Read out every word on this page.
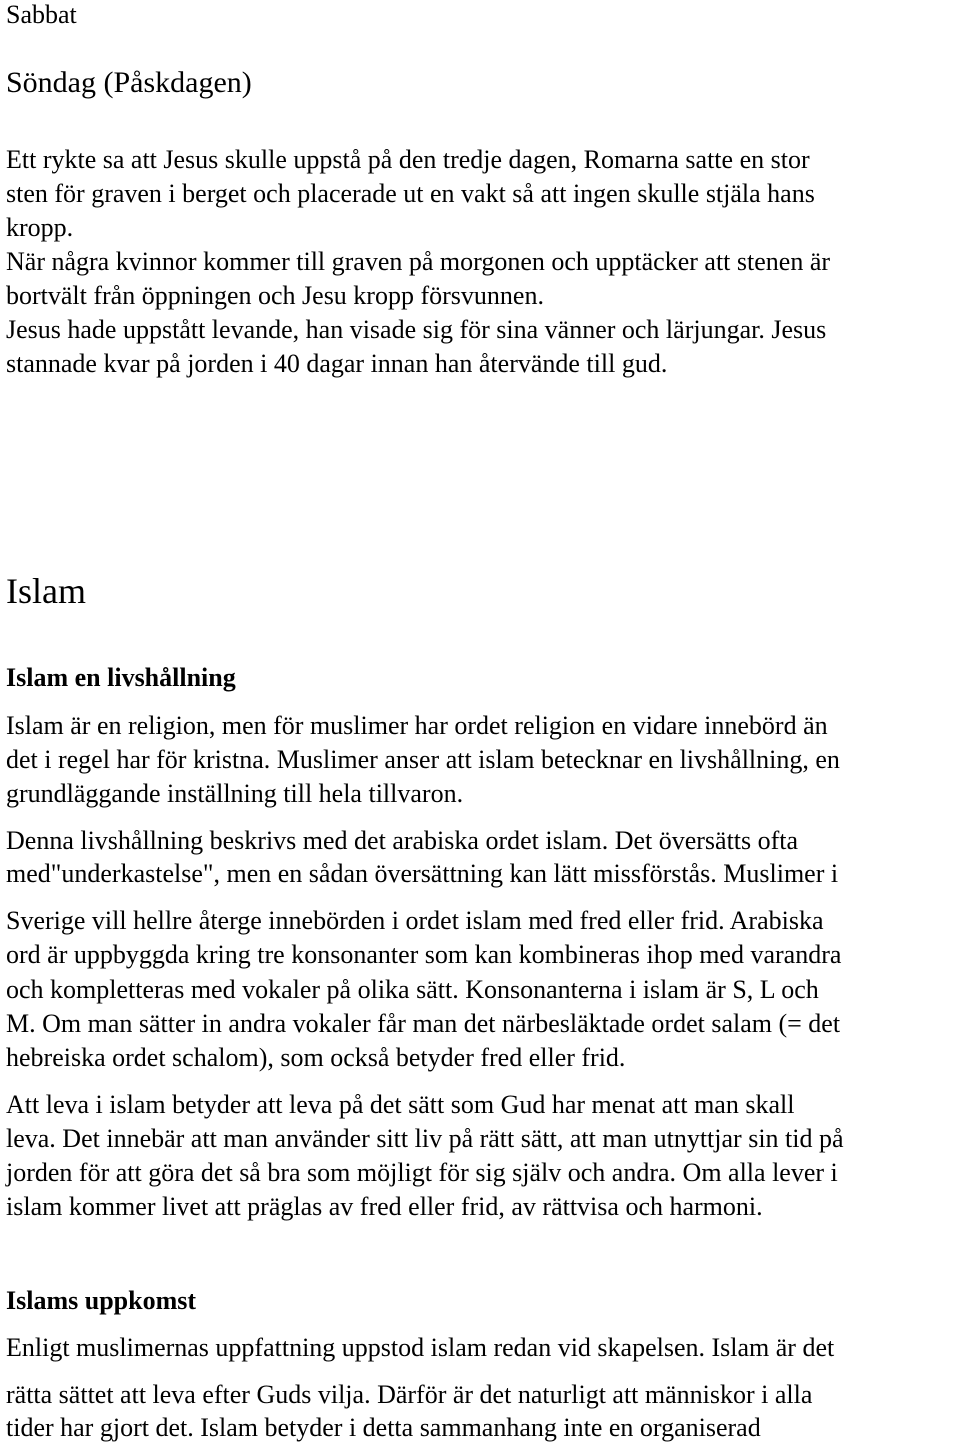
Sabbat
Söndag (Påskdagen)
Ett rykte sa att Jesus skulle uppstå på den tredje dagen, Romarna satte en stor
sten för graven i berget och placerade ut en vakt så att ingen skulle stjäla hans
kropp.
När några kvinnor kommer till graven på morgonen och upptäcker att stenen är
bortvält från öppningen och Jesu kropp försvunnen.
Jesus hade uppstått levande, han visade sig för sina vänner och lärjungar. Jesus
stannade kvar på jorden i 40 dagar innan han återvände till gud.
Islam
Islam en livshållning
Islam är en religion, men för muslimer har ordet religion en vidare innebörd än
det i regel har för kristna. Muslimer anser att islam betecknar en livshållning, en
grundläggande inställning till hela tillvaron.
Denna livshållning beskrivs med det arabiska ordet islam. Det översätts ofta
med"underkastelse", men en sådan översättning kan lätt missförstås. Muslimer i
Sverige vill hellre återge innebörden i ordet islam med fred eller frid. Arabiska
ord är uppbyggda kring tre konsonanter som kan kombineras ihop med varandra
och kompletteras med vokaler på olika sätt. Konsonanterna i islam är S, L och
M. Om man sätter in andra vokaler får man det närbesläktade ordet salam (= det
hebreiska ordet schalom), som också betyder fred eller frid.
Att leva i islam betyder att leva på det sätt som Gud har menat att man skall
leva. Det innebär att man använder sitt liv på rätt sätt, att man utnyttjar sin tid på
jorden för att göra det så bra som möjligt för sig själv och andra. Om alla lever i
islam kommer livet att präglas av fred eller frid, av rättvisa och harmoni.
Islams uppkomst
Enligt muslimernas uppfattning uppstod islam redan vid skapelsen. Islam är det
rätta sättet att leva efter Guds vilja. Därför är det naturligt att människor i alla
tider har gjort det. Islam betyder i detta sammanhang inte en organiserad
